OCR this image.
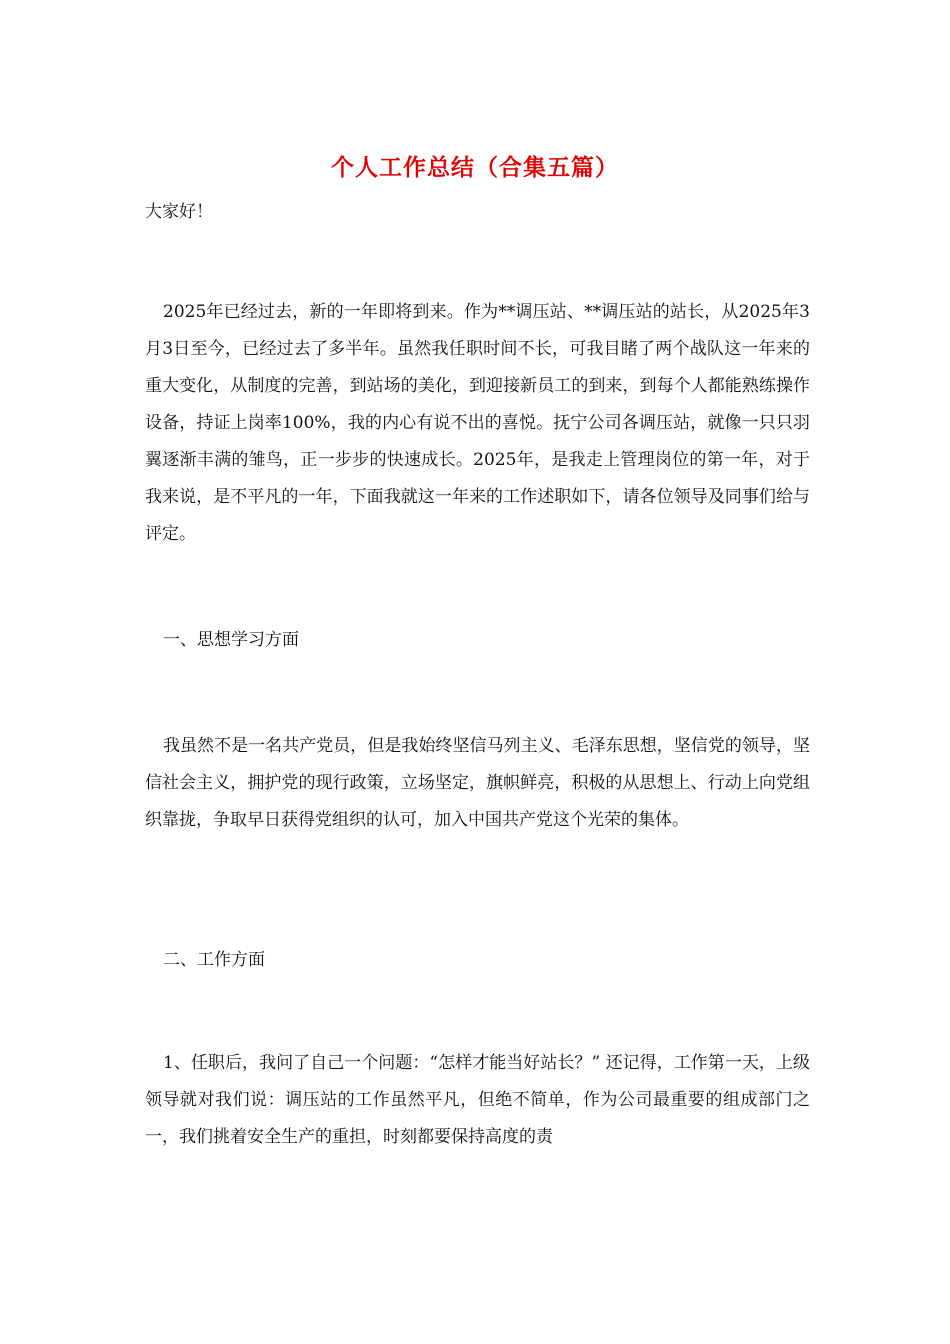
个人工作总结（合集五篇）

大家好！

2025年已经过去，新的一年即将到来。作为**调压站、**调压站的站长，从2025年3月3日至今，已经过去了多半年。虽然我任职时间不长，可我目睹了两个战队这一年来的重大变化，从制度的完善，到站场的美化，到迎接新员工的到来，到每个人都能熟练操作设备，持证上岗率100%，我的内心有说不出的喜悦。抚宁公司各调压站，就像一只只羽翼逐渐丰满的雏鸟，正一步步的快速成长。2025年，是我走上管理岗位的第一年，对于我来说，是不平凡的一年，下面我就这一年来的工作述职如下，请各位领导及同事们给与评定。

一、思想学习方面

我虽然不是一名共产党员，但是我始终坚信马列主义、毛泽东思想，坚信党的领导，坚信社会主义，拥护党的现行政策，立场坚定，旗帜鲜亮，积极的从思想上、行动上向党组织靠拢，争取早日获得党组织的认可，加入中国共产党这个光荣的集体。

二、工作方面

1、任职后，我问了自己一个问题：“怎样才能当好站长？” 还记得，工作第一天，上级领导就对我们说：调压站的工作虽然平凡，但绝不简单，作为公司最重要的组成部门之一，我们挑着安全生产的重担，时刻都要保持高度的责
